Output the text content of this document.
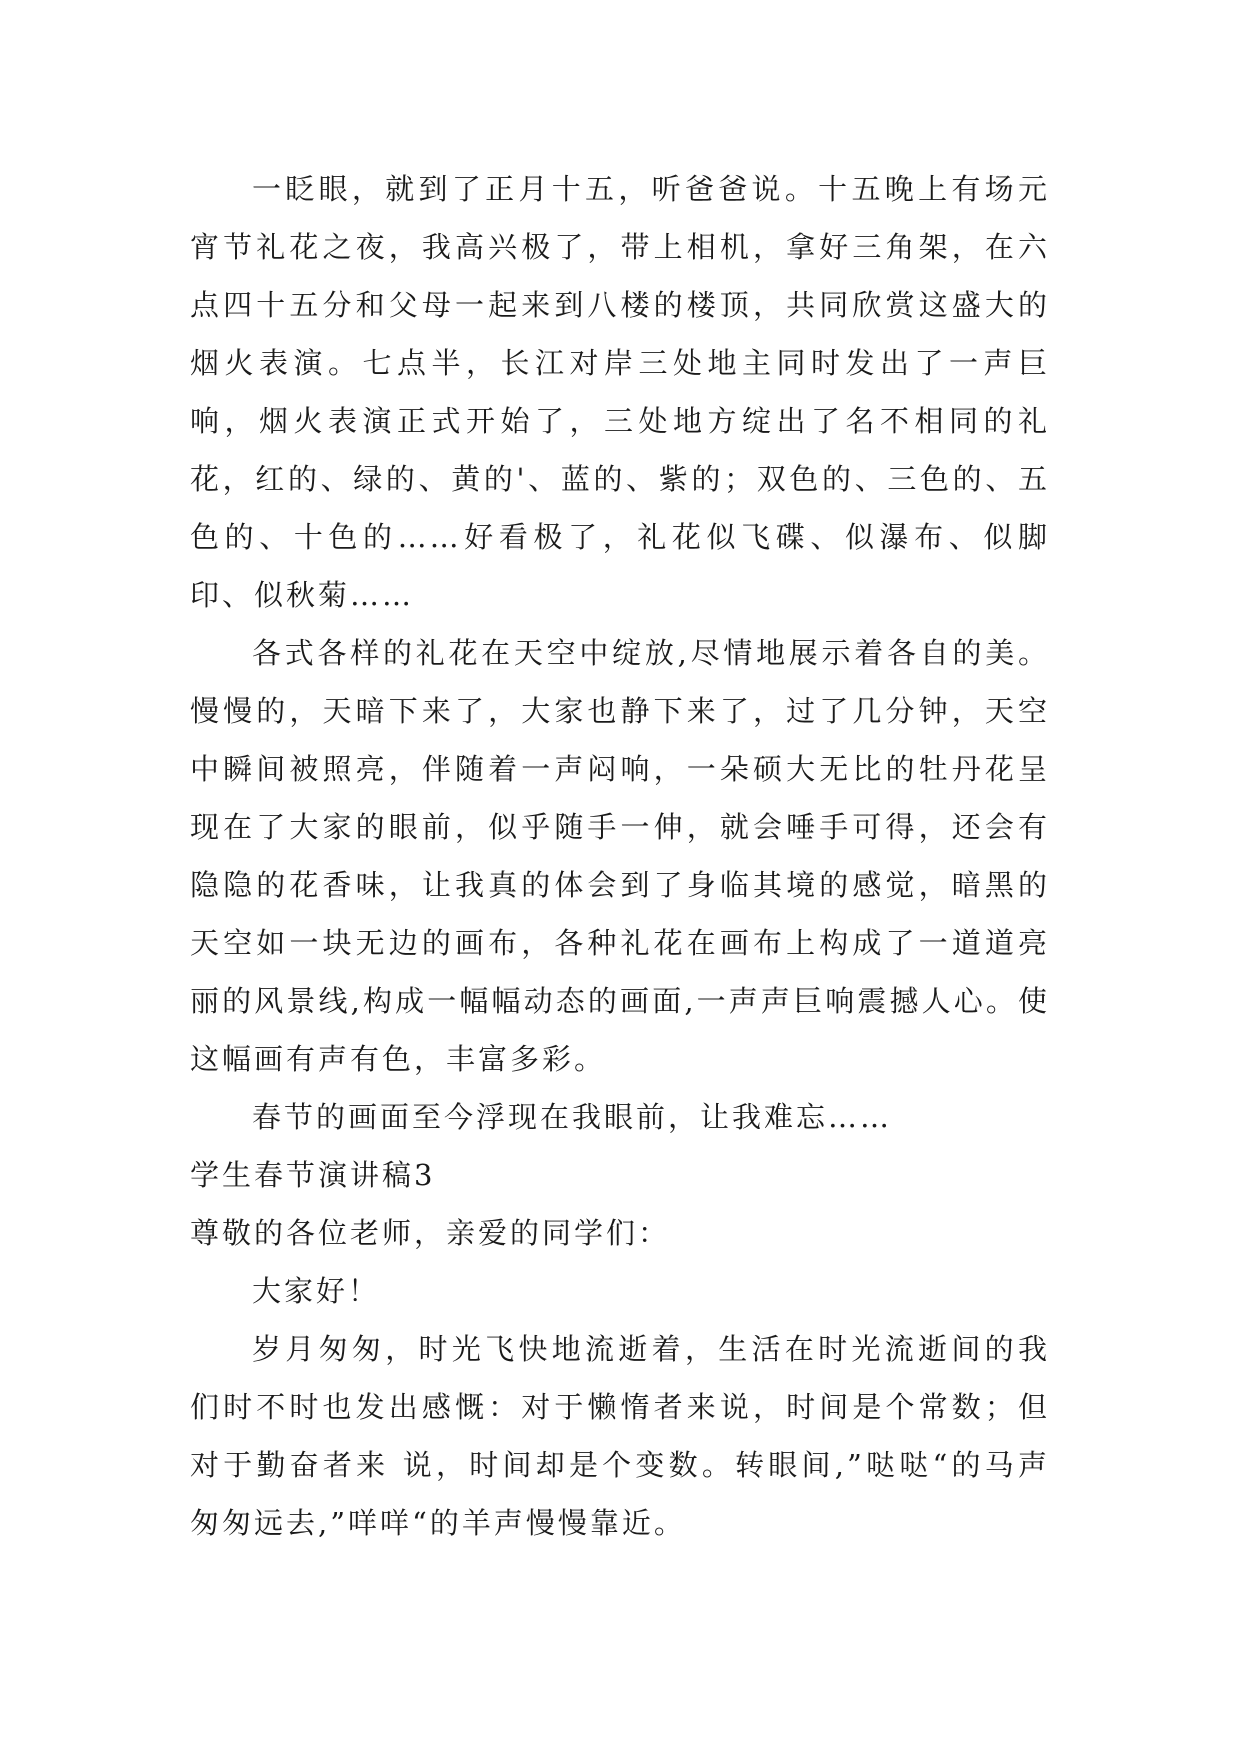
一眨眼，就到了正月十五，听爸爸说。十五晚上有场元宵节礼花之夜，我高兴极了，带上相机，拿好三角架，在六点四十五分和父母一起来到八楼的楼顶，共同欣赏这盛大的烟火表演。七点半，长江对岸三处地主同时发出了一声巨响，烟火表演正式开始了，三处地方绽出了名不相同的礼花，红的、绿的、黄的'、蓝的、紫的；双色的、三色的、五色的、十色的……好看极了，礼花似飞碟、似瀑布、似脚印、似秋菊……

各式各样的礼花在天空中绽放,尽情地展示着各自的美。慢慢的，天暗下来了，大家也静下来了，过了几分钟，天空中瞬间被照亮，伴随着一声闷响，一朵硕大无比的牡丹花呈现在了大家的眼前，似乎随手一伸，就会唾手可得，还会有隐隐的花香味，让我真的体会到了身临其境的感觉，暗黑的天空如一块无边的画布，各种礼花在画布上构成了一道道亮丽的风景线,构成一幅幅动态的画面,一声声巨响震撼人心。使这幅画有声有色，丰富多彩。

春节的画面至今浮现在我眼前，让我难忘……

学生春节演讲稿3

尊敬的各位老师，亲爱的同学们：

大家好！

岁月匆匆，时光飞快地流逝着，生活在时光流逝间的我们时不时也发出感慨：对于懒惰者来说，时间是个常数；但对于勤奋者来 说，时间却是个变数。转眼间,”哒哒“的马声匆匆远去,”咩咩“的羊声慢慢靠近。
